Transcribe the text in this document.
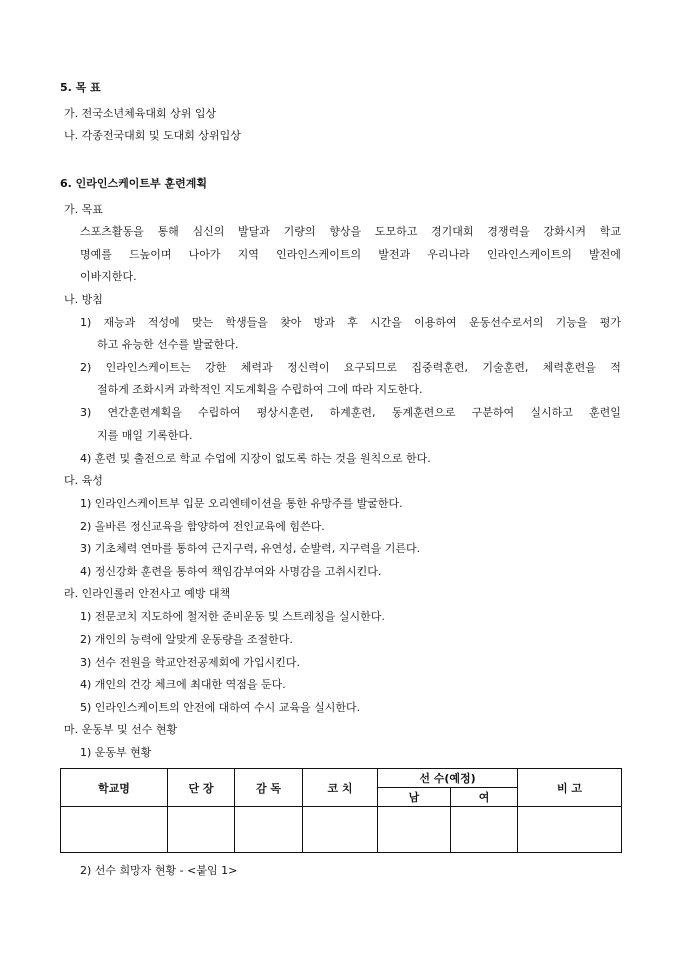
5. 목 표
가. 전국소년체육대회 상위 입상
나. 각종전국대회 및 도대회 상위입상
6. 인라인스케이트부 훈련계획
가. 목표
스포츠활동을 통해 심신의 발달과 기량의 향상을 도모하고 경기대회 경쟁력을 강화시켜 학교
명예를 드높이며 나아가 지역 인라인스케이트의 발전과 우리나라 인라인스케이트의 발전에
이바지한다.
나. 방침
1) 재능과 적성에 맞는 학생들을 찾아 방과 후 시간을 이용하여 운동선수로서의 기능을 평가
하고 유능한 선수를 발굴한다.
2) 인라인스케이트는 강한 체력과 정신력이 요구되므로 집중력훈련, 기술훈련, 체력훈련을 적
절하게 조화시켜 과학적인 지도계획을 수립하여 그에 따라 지도한다.
3) 연간훈련계획을 수립하여 평상시훈련, 하계훈련, 동계훈련으로 구분하여 실시하고 훈련일
지를 매일 기록한다.
4) 훈련 및 출전으로 학교 수업에 지장이 없도록 하는 것을 원칙으로 한다.
다. 육성
1) 인라인스케이트부 입문 오리엔테이션을 통한 유망주를 발굴한다.
2) 올바른 정신교육을 함양하여 전인교육에 힘쓴다.
3) 기초체력 연마를 통하여 근지구력, 유연성, 순발력, 지구력을 기른다.
4) 정신강화 훈련을 통하여 책임감부여와 사명감을 고취시킨다.
라. 인라인롤러 안전사고 예방 대책
1) 전문코치 지도하에 철저한 준비운동 및 스트레칭을 실시한다.
2) 개인의 능력에 알맞게 운동량을 조절한다.
3) 선수 전원을 학교안전공제회에 가입시킨다.
4) 개인의 건강 체크에 최대한 역점을 둔다.
5) 인라인스케이트의 안전에 대하여 수시 교육을 실시한다.
마. 운동부 및 선수 현황
1) 운동부 현황
학교명	단 장	감 독	코 치	선 수(예정)		비 고
				남	여	

2) 선수 희망자 현황 - <붙임 1>
